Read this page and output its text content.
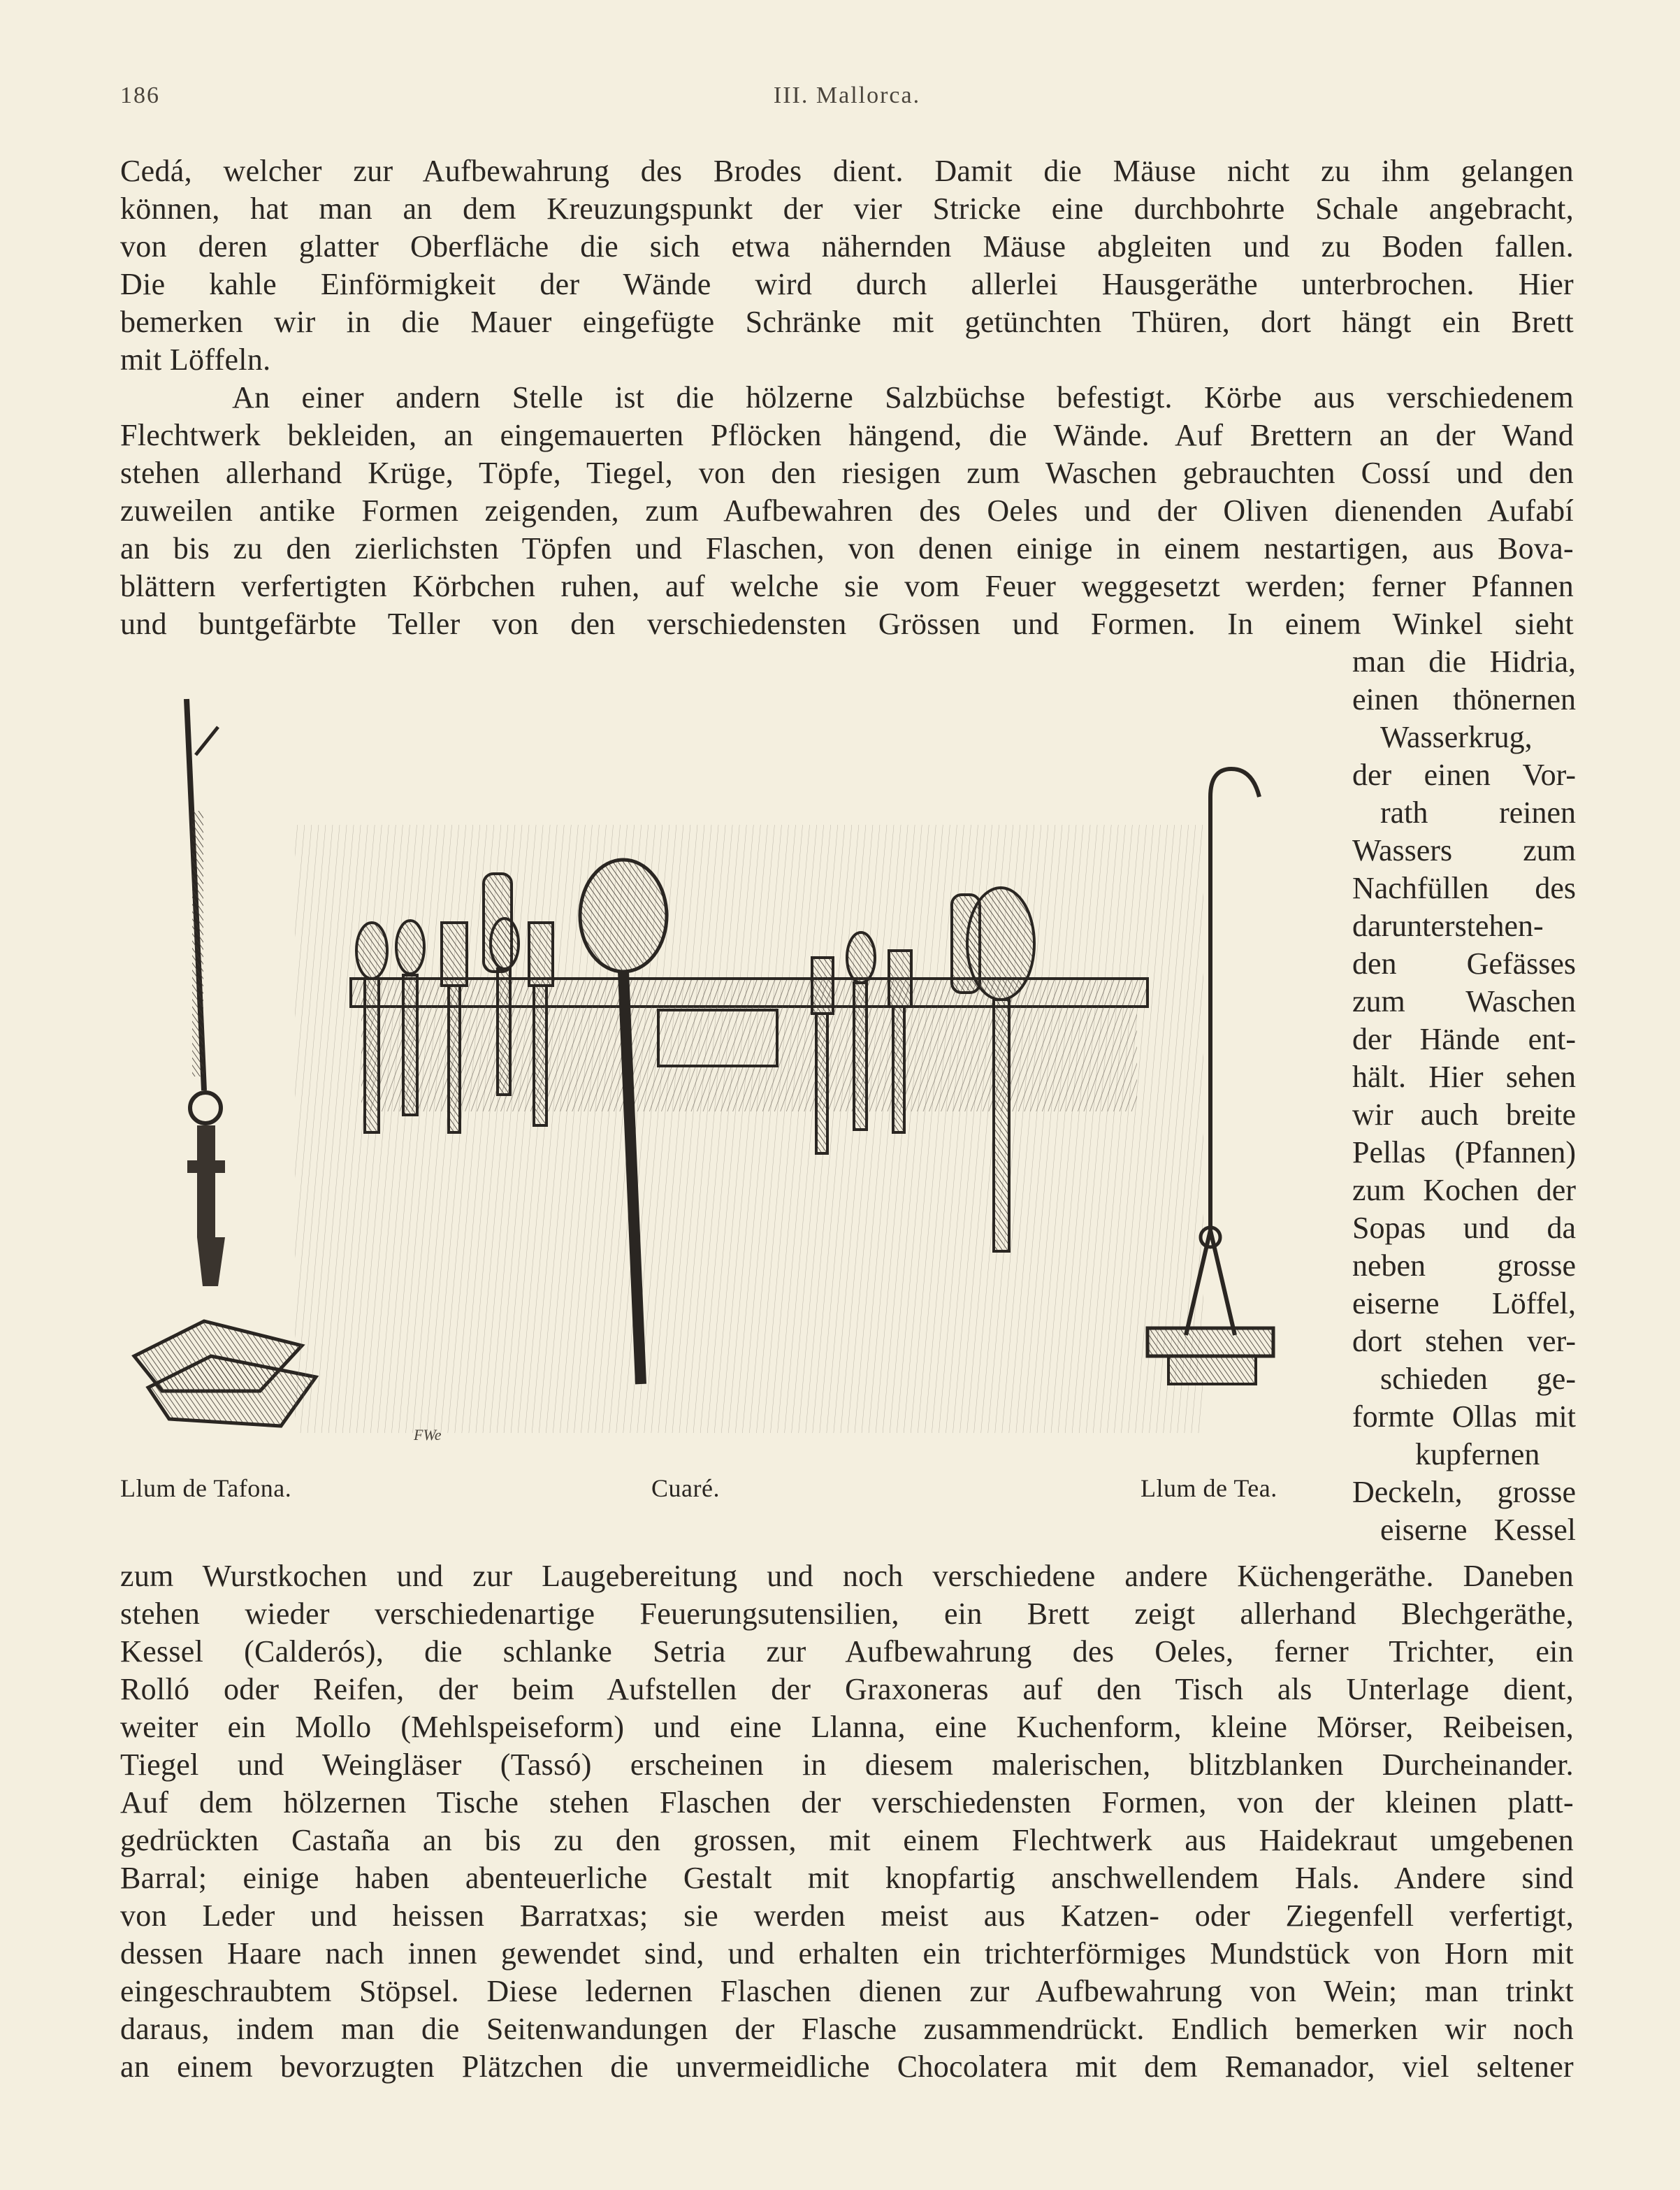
186	III. Mallorca.
Cedá, welcher zur Aufbewahrung des Brodes dient. Damit die Mäuse nicht zu ihm gelangen
können, hat man an dem Kreuzungspunkt der vier Stricke eine durchbohrte Schale angebracht,
von deren glatter Oberfläche die sich etwa nähernden Mäuse abgleiten und zu Boden fallen.
Die kahle Einförmigkeit der Wände wird durch allerlei Hausgeräthe unterbrochen. Hier
bemerken wir in die Mauer eingefügte Schränke mit getünchten Thüren, dort hängt ein Brett
mit Löffeln.
An einer andern Stelle ist die hölzerne Salzbüchse befestigt. Körbe aus verschiedenem
Flechtwerk bekleiden, an eingemauerten Pflöcken hängend, die Wände. Auf Brettern an der Wand
stehen allerhand Krüge, Töpfe, Tiegel, von den riesigen zum Waschen gebrauchten Cossí und den
zuweilen antike Formen zeigenden, zum Aufbewahren des Oeles und der Oliven dienenden Aufabí
an bis zu den zierlichsten Töpfen und Flaschen, von denen einige in einem nestartigen, aus Bova-
blättern verfertigten Körbchen ruhen, auf welche sie vom Feuer weggesetzt werden; ferner Pfannen
und buntgefärbte Teller von den verschiedensten Grössen und Formen. In einem Winkel sieht
man die Hidria,
einen thönernen
Wasserkrug,
der einen Vor-
rath reinen
Wassers zum
Nachfüllen des
darunterstehen-
den Gefässes
zum Waschen
der Hände ent-
hält. Hier sehen
wir auch breite
Pellas (Pfannen)
zum Kochen der
Sopas und da
neben grosse
eiserne Löffel,
dort stehen ver-
schieden ge-
formte Ollas mit
kupfernen
Deckeln, grosse
eiserne Kessel
FWe
Llum de Tafona.	Cuaré.	Llum de Tea.
zum Wurstkochen und zur Laugebereitung und noch verschiedene andere Küchengeräthe. Daneben
stehen wieder verschiedenartige Feuerungsutensilien, ein Brett zeigt allerhand Blechgeräthe,
Kessel (Calderós), die schlanke Setria zur Aufbewahrung des Oeles, ferner Trichter, ein
Rolló oder Reifen, der beim Aufstellen der Graxoneras auf den Tisch als Unterlage dient,
weiter ein Mollo (Mehlspeiseform) und eine Llanna, eine Kuchenform, kleine Mörser, Reibeisen,
Tiegel und Weingläser (Tassó) erscheinen in diesem malerischen, blitzblanken Durcheinander.
Auf dem hölzernen Tische stehen Flaschen der verschiedensten Formen, von der kleinen platt-
gedrückten Castaña an bis zu den grossen, mit einem Flechtwerk aus Haidekraut umgebenen
Barral; einige haben abenteuerliche Gestalt mit knopfartig anschwellendem Hals. Andere sind
von Leder und heissen Barratxas; sie werden meist aus Katzen- oder Ziegenfell verfertigt,
dessen Haare nach innen gewendet sind, und erhalten ein trichterförmiges Mundstück von Horn mit
eingeschraubtem Stöpsel. Diese ledernen Flaschen dienen zur Aufbewahrung von Wein; man trinkt
daraus, indem man die Seitenwandungen der Flasche zusammendrückt. Endlich bemerken wir noch
an einem bevorzugten Plätzchen die unvermeidliche Chocolatera mit dem Remanador, viel seltener
